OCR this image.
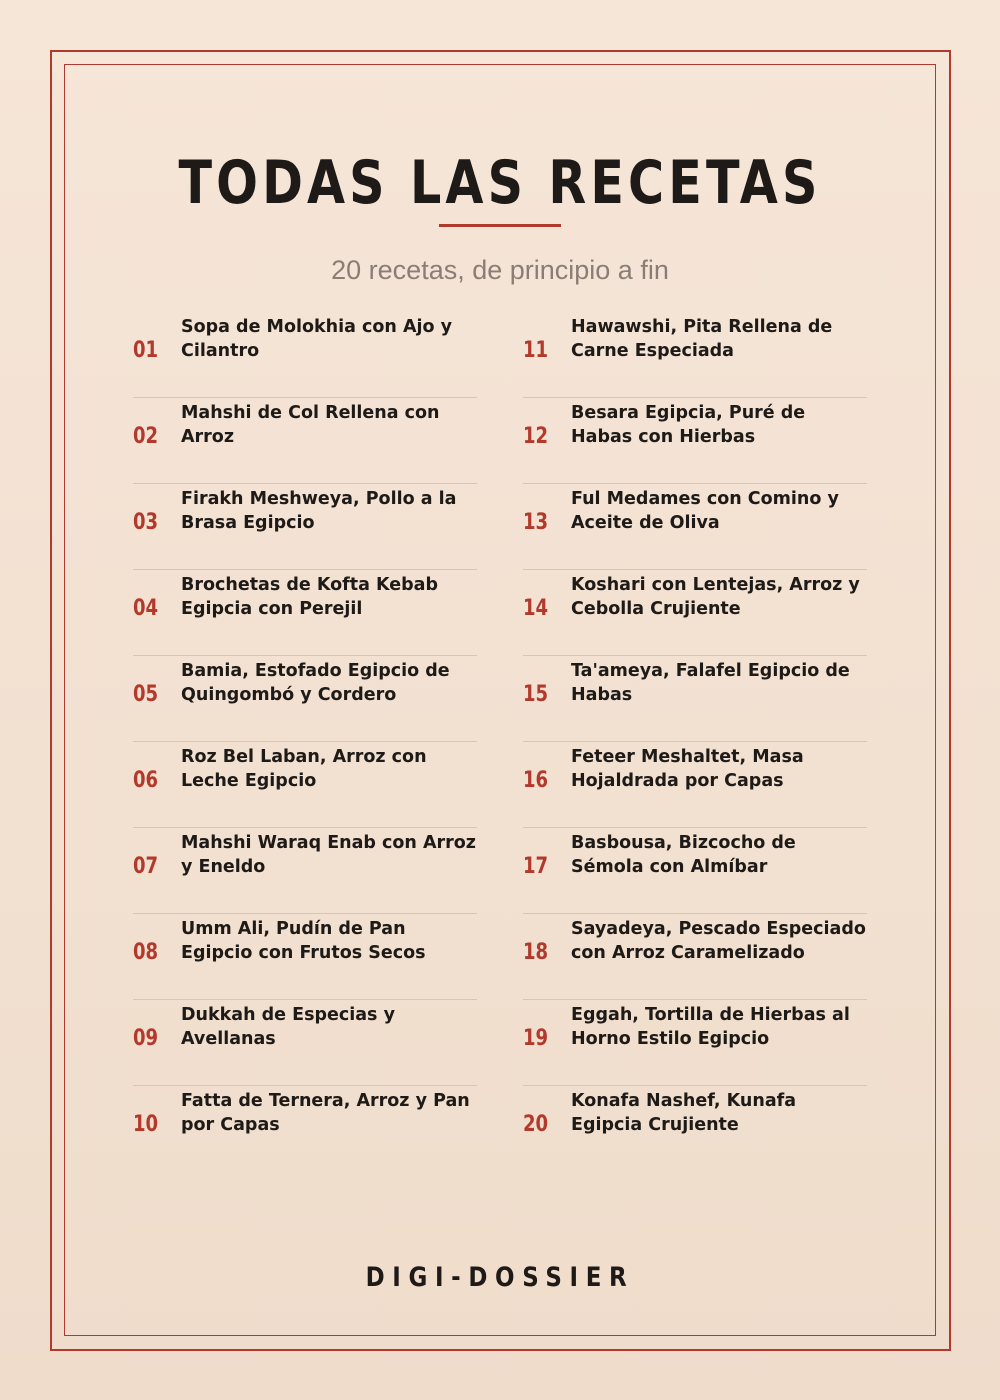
TODAS LAS RECETAS
20 recetas, de principio a fin
01
Sopa de Molokhia con Ajo y Cilantro
02
Mahshi de Col Rellena con Arroz
03
Firakh Meshweya, Pollo a la Brasa Egipcio
04
Brochetas de Kofta Kebab Egipcia con Perejil
05
Bamia, Estofado Egipcio de Quingombó y Cordero
06
Roz Bel Laban, Arroz con Leche Egipcio
07
Mahshi Waraq Enab con Arroz y Eneldo
08
Umm Ali, Pudín de Pan Egipcio con Frutos Secos
09
Dukkah de Especias y Avellanas
10
Fatta de Ternera, Arroz y Pan por Capas
11
Hawawshi, Pita Rellena de Carne Especiada
12
Besara Egipcia, Puré de Habas con Hierbas
13
Ful Medames con Comino y Aceite de Oliva
14
Koshari con Lentejas, Arroz y Cebolla Crujiente
15
Ta'ameya, Falafel Egipcio de Habas
16
Feteer Meshaltet, Masa Hojaldrada por Capas
17
Basbousa, Bizcocho de Sémola con Almíbar
18
Sayadeya, Pescado Especiado con Arroz Caramelizado
19
Eggah, Tortilla de Hierbas al Horno Estilo Egipcio
20
Konafa Nashef, Kunafa Egipcia Crujiente
DIGI-DOSSIER
